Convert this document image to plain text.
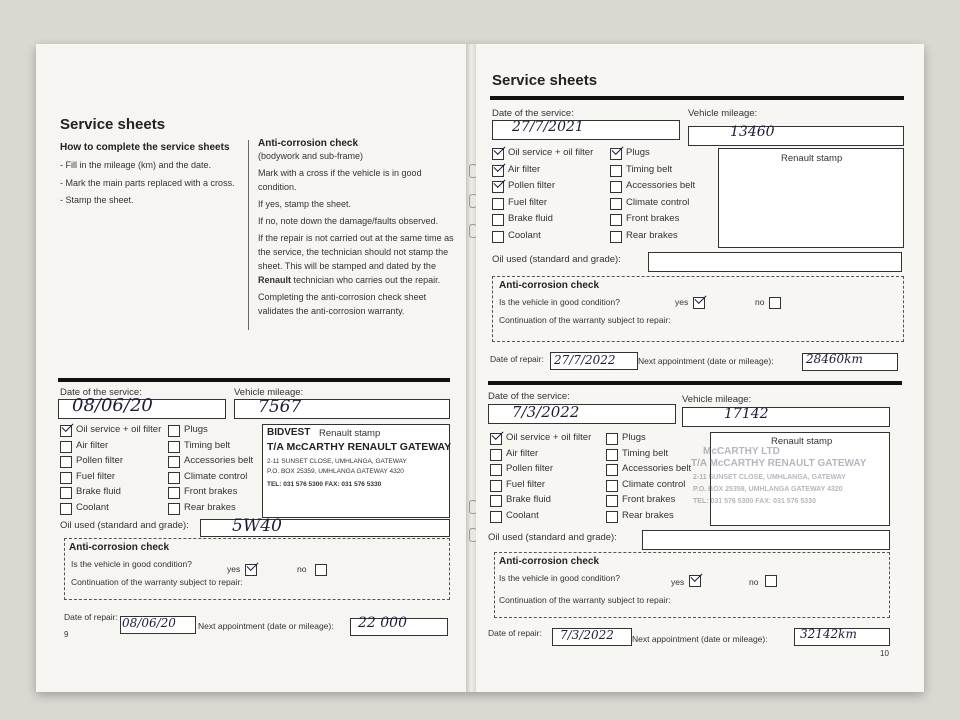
Service sheets
How to complete the service sheets
- Fill in the mileage (km) and the date.
- Mark the main parts replaced with a cross.
- Stamp the sheet.
Anti-corrosion check
(bodywork and sub-frame)
Mark with a cross if the vehicle is in good condition.
If yes, stamp the sheet.
If no, note down the damage/faults observed.
If the repair is not carried out at the same time as the service, the technician should not stamp the sheet. This will be stamped and dated by the Renault technician who carries out the repair.
Completing the anti-corrosion check sheet validates the anti-corrosion warranty.
Date of the service:
08/06/20
Vehicle mileage:
7567
Oil service + oil filter
Air filter
Pollen filter
Fuel filter
Brake fluid
Coolant
Plugs
Timing belt
Accessories belt
Climate control
Front brakes
Rear brakes
BIDVEST Renault stamp
T/A McCARTHY RENAULT GATEWAY
2-11 SUNSET CLOSE, UMHLANGA, GATEWAY
P.O. BOX 25359, UMHLANGA GATEWAY 4320
TEL: 031 576 5300 FAX: 031 576 5330
Oil used (standard and grade):	5W40
Anti-corrosion check
Is the vehicle in good condition?	yes	no
Continuation of the warranty subject to repair:
Date of repair: 08/06/20	Next appointment (date or mileage): 22 000
9
Service sheets
Date of the service:
27/7/2021
Vehicle mileage:
13460
Oil service + oil filter
Air filter
Pollen filter
Fuel filter
Brake fluid
Coolant
Plugs
Timing belt
Accessories belt
Climate control
Front brakes
Rear brakes
Renault stamp
Oil used (standard and grade):
Anti-corrosion check
Is the vehicle in good condition?	yes	no
Continuation of the warranty subject to repair:
Date of repair: 27/7/2022	Next appointment (date or mileage):	28460km
Date of the service:
7/3/2022
Vehicle mileage:
17142
Oil service + oil filter
Air filter
Pollen filter
Fuel filter
Brake fluid
Coolant
Plugs
Timing belt
Accessories belt
Climate control
Front brakes
Rear brakes
Renault stamp
McCARTHY LTD
T/A McCARTHY RENAULT GATEWAY
2-11 SUNSET CLOSE, UMHLANGA, GATEWAY
P.O. BOX 25359, UMHLANGA GATEWAY 4320
TEL: 031 576 5300 FAX: 031 576 5330
Oil used (standard and grade):
Anti-corrosion check
Is the vehicle in good condition?	yes	no
Continuation of the warranty subject to repair:
Date of repair: 7/3/2022 Next appointment (date or mileage):	32142km
10
